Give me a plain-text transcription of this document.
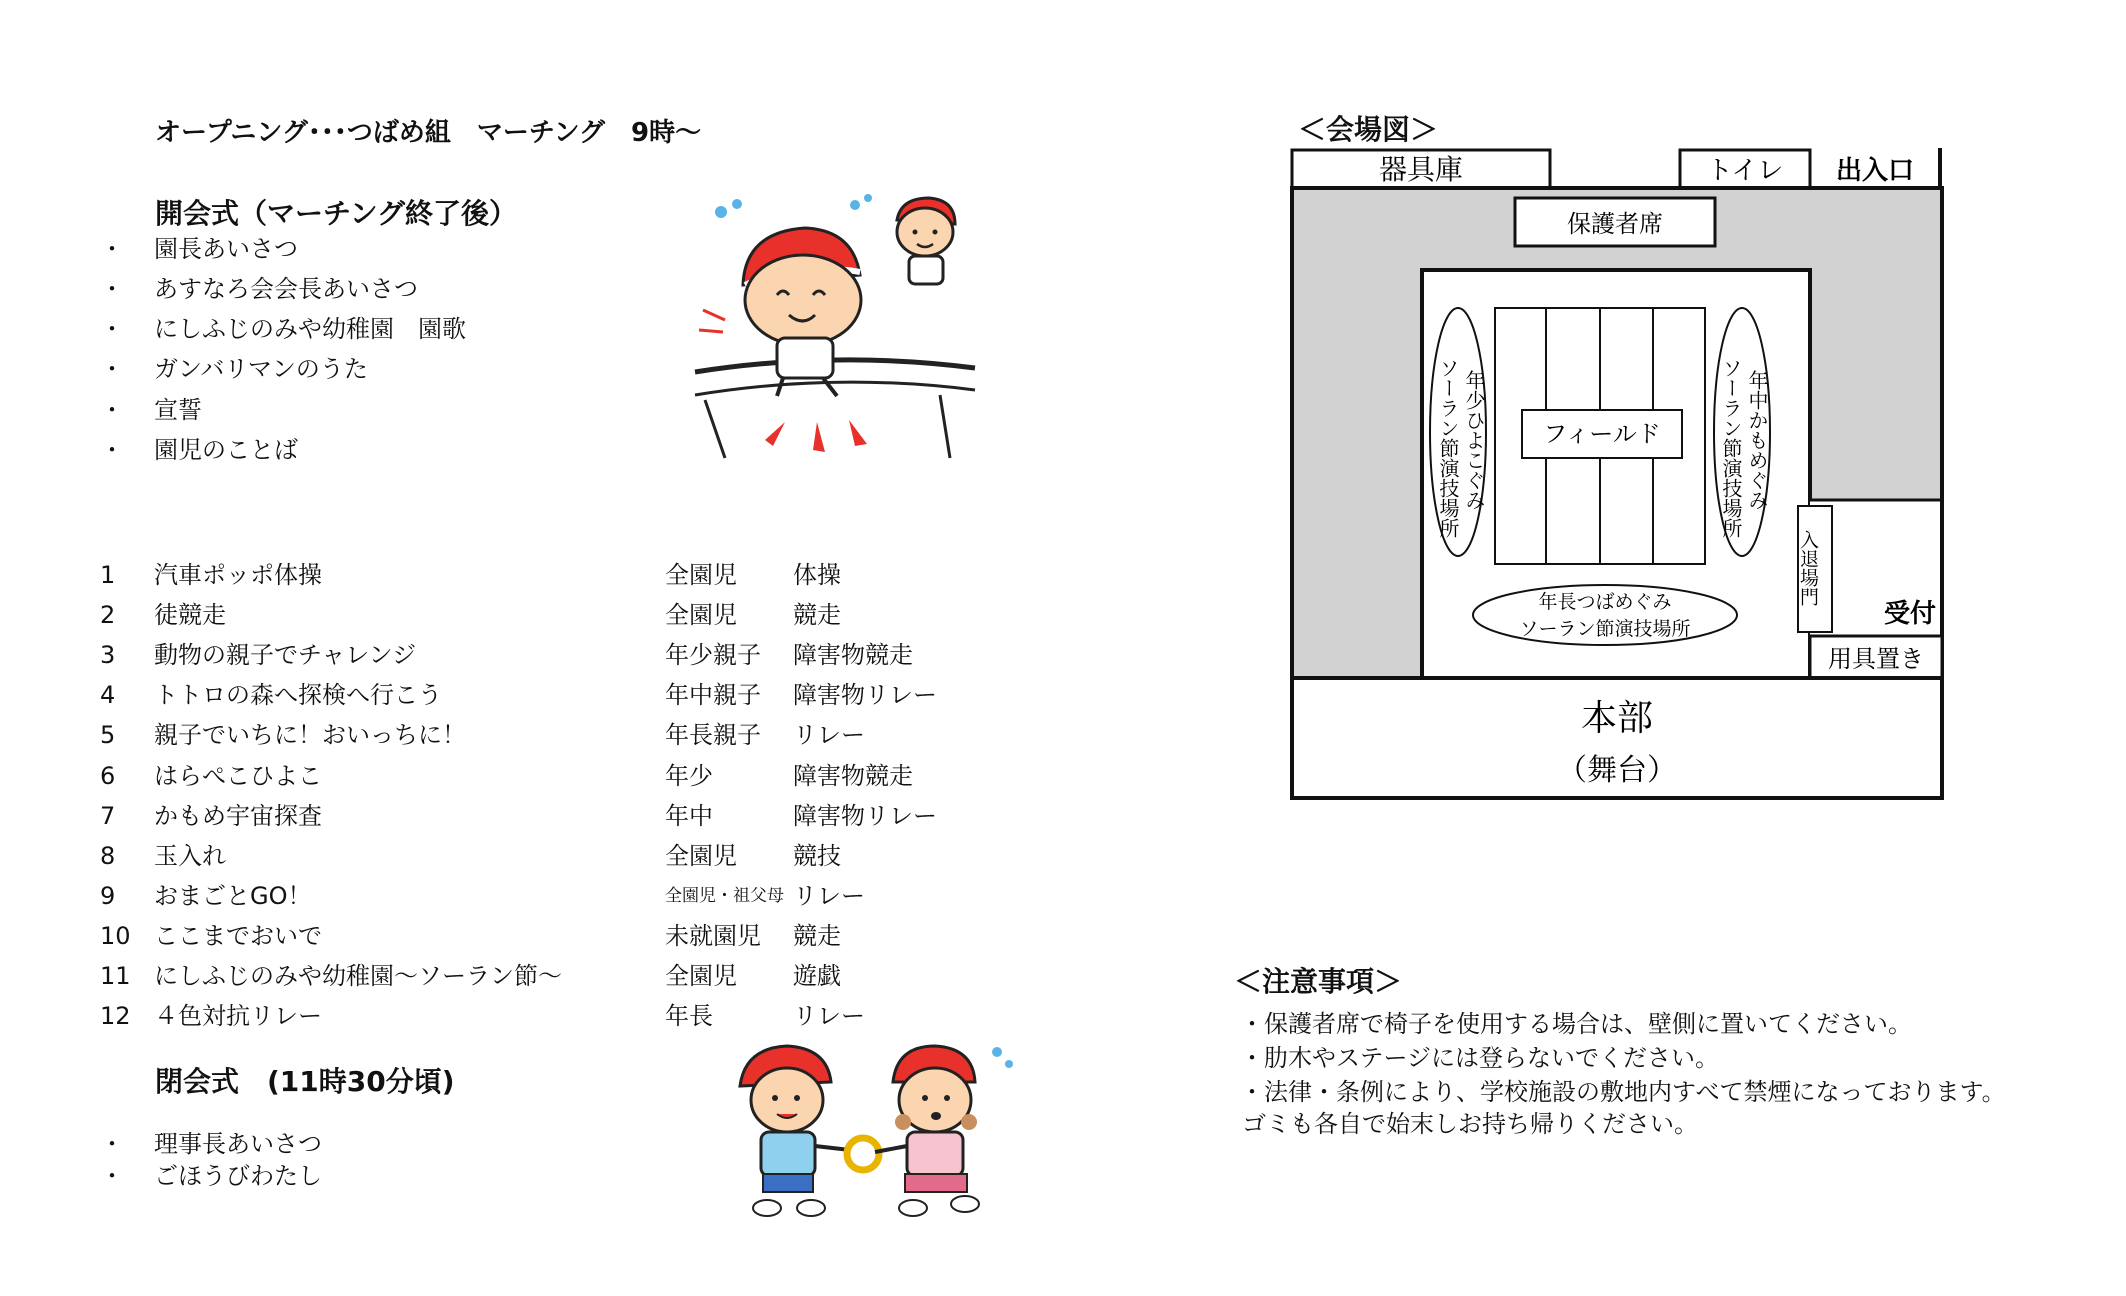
オープニング･･･つばめ組　マーチング　9時～
開会式（マーチング終了後）
・ 園長あいさつ
・ あすなろ会会長あいさつ
・ にしふじのみや幼稚園　園歌
・ ガンバリマンのうた
・ 宣誓
・ 園児のことば
1	汽車ポッポ体操	全園児 体操
2	徒競走	全園児 競走
3	動物の親子でチャレンジ	年少親子 障害物競走
4	トトロの森へ探検へ行こう	年中親子 障害物リレー
5	親子でいちに！おいっちに！	年長親子 リレー
6	はらぺこひよこ	年少	障害物競走
7	かもめ宇宙探査	年中	障害物リレー
8	玉入れ	全園児 競技
9	おまごとGO！	全園児・祖父母 リレー
10 ここまでおいで	未就園児 競走
11 にしふじのみや幼稚園～ソーラン節～	全園児 遊戯
12 ４色対抗リレー	年長	リレー
閉会式　(11時30分頃)
・ 理事長あいさつ
・ ごほうびわたし
＜会場図＞
器具庫	トイレ 出入口
保護者席
フィールド
年少ひよこぐみ
ソーラン節演技場所	年中かもめぐみ
ソーラン節演技場所
年長つばめぐみ
ソーラン節演技場所
入退場門
受付
用具置き
本部
（舞台）
＜注意事項＞
・保護者席で椅子を使用する場合は、壁側に置いてください。
・肋木やステージには登らないでください。
・法律・条例により、学校施設の敷地内すべて禁煙になっております。
ゴミも各自で始末しお持ち帰りください。
